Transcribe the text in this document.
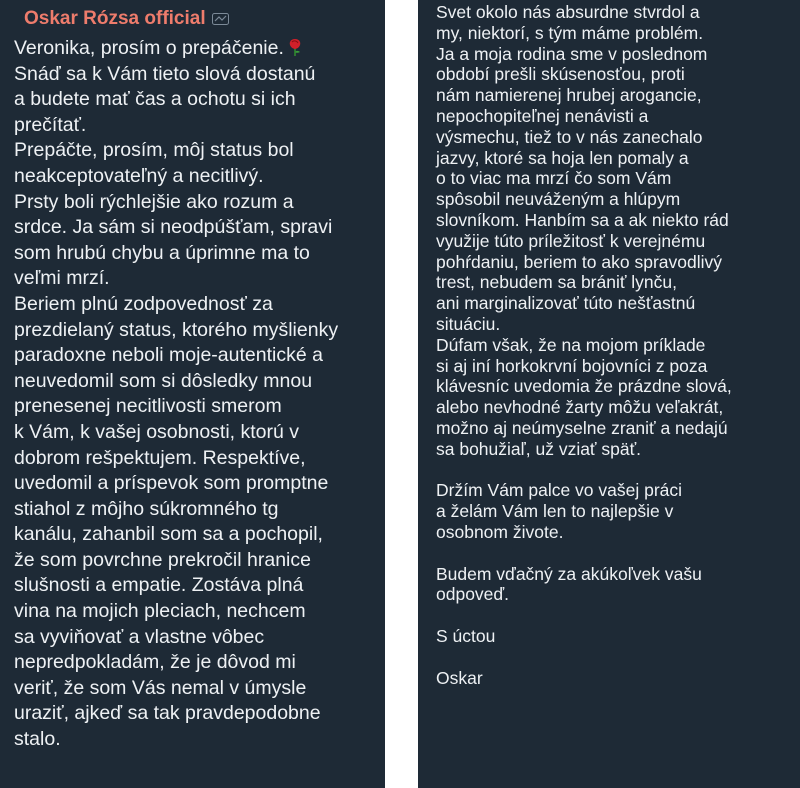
Oskar Rózsa official
Veronika, prosím o prepáčenie.
Snáď sa k Vám tieto slová dostanú
a budete mať čas a ochotu si ich
prečítať.
Prepáčte, prosím, môj status bol
neakceptovateľný a necitlivý.
Prsty boli rýchlejšie ako rozum a
srdce. Ja sám si neodpúšťam, spravi
som hrubú chybu a úprimne ma to
veľmi mrzí.
Beriem plnú zodpovednosť za
prezdielaný status, ktorého myšlienky
paradoxne neboli moje-autentické a
neuvedomil som si dôsledky mnou
prenesenej necitlivosti smerom
k Vám, k vašej osobnosti, ktorú v
dobrom rešpektujem. Respektíve,
uvedomil a príspevok som promptne
stiahol z môjho súkromného tg
kanálu, zahanbil som sa a pochopil,
že som povrchne prekročil hranice
slušnosti a empatie. Zostáva plná
vina na mojich pleciach, nechcem
sa vyviňovať a vlastne vôbec
nepredpokladám, že je dôvod mi
veriť, že som Vás nemal v úmysle
uraziť, ajkeď sa tak pravdepodobne
stalo.
Svet okolo nás absurdne stvrdol a
my, niektorí, s tým máme problém.
Ja a moja rodina sme v poslednom
období prešli skúsenosťou, proti
nám namierenej hrubej arogancie,
nepochopiteľnej nenávisti a
výsmechu, tiež to v nás zanechalo
jazvy, ktoré sa hoja len pomaly a
o to viac ma mrzí čo som Vám
spôsobil neuváženým a hlúpym
slovníkom. Hanbím sa a ak niekto rád
využije túto príležitosť k verejnému
pohŕdaniu, beriem to ako spravodlivý
trest, nebudem sa brániť lynču,
ani marginalizovať túto nešťastnú
situáciu.
Dúfam však, že na mojom príklade
si aj iní horkokrvní bojovníci z poza
klávesníc uvedomia že prázdne slová,
alebo nevhodné žarty môžu veľakrát,
možno aj neúmyselne zraniť a nedajú
sa bohužiaľ, už vziať späť.
Držím Vám palce vo vašej práci
a želám Vám len to najlepšie v
osobnom živote.
Budem vďačný za akúkoľvek vašu
odpoveď.
S úctou
Oskar
